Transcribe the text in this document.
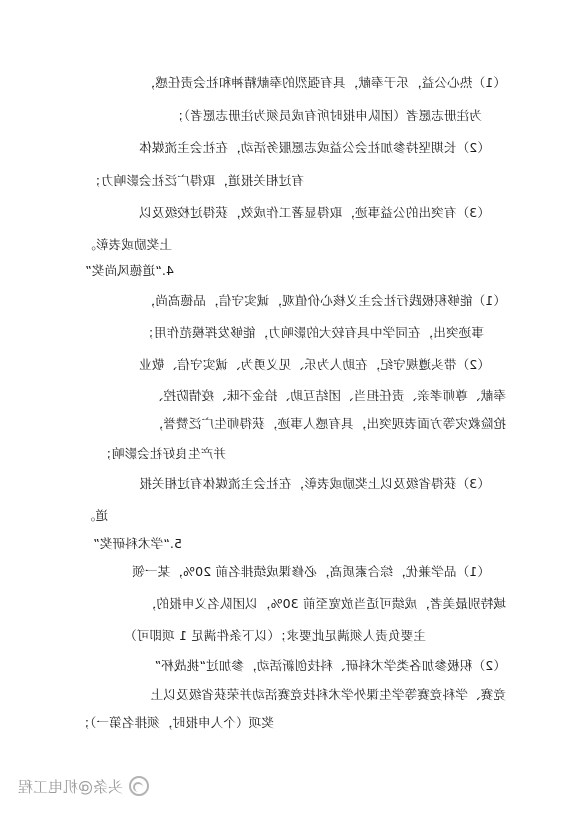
（1）热心公益，乐于奉献，具有强烈的奉献精神和社会责任感，
为注册志愿者（团队申报时所有成员须为注册志愿者）；
（2）长期坚持参加社会公益或志愿服务活动，在社会主流媒体
有过相关报道，取得广泛社会影响力；
（3）有突出的公益事迹，取得显著工作成效，获得过校级及以
上奖励或表彰。
4.“道德风尚奖”
（1）能够积极践行社会主义核心价值观，诚实守信，品德高尚，
事迹突出，在同学中具有较大的影响力，能够发挥模范作用；
（2）带头遵规守纪，在助人为乐、见义勇为、诚实守信、敬业
奉献、尊师孝亲、责任担当、团结互助、拾金不昧、疫情防控、
抢险救灾等方面表现突出，具有感人事迹，获得师生广泛赞誉，
并产生良好社会影响；
（3）获得省级及以上奖励或表彰，在社会主流媒体有过相关报
道。
5.“学术科研奖”
（1）品学兼优，综合素质高，必修课成绩排名前 20%，某一领
域特别最美者，成绩可适当放宽至前 30%，以团队名义申报的，
主要负责人须满足此要求；（以下条件满足 1 项即可）
（2）积极参加各类学术科研、科技创新活动，参加过“挑战杯”
竞赛、学科竞赛等学生课外学术科技竞赛活动并荣获省级及以上
奖项（个人申报时，须排名第一）；
头条@机电工程
